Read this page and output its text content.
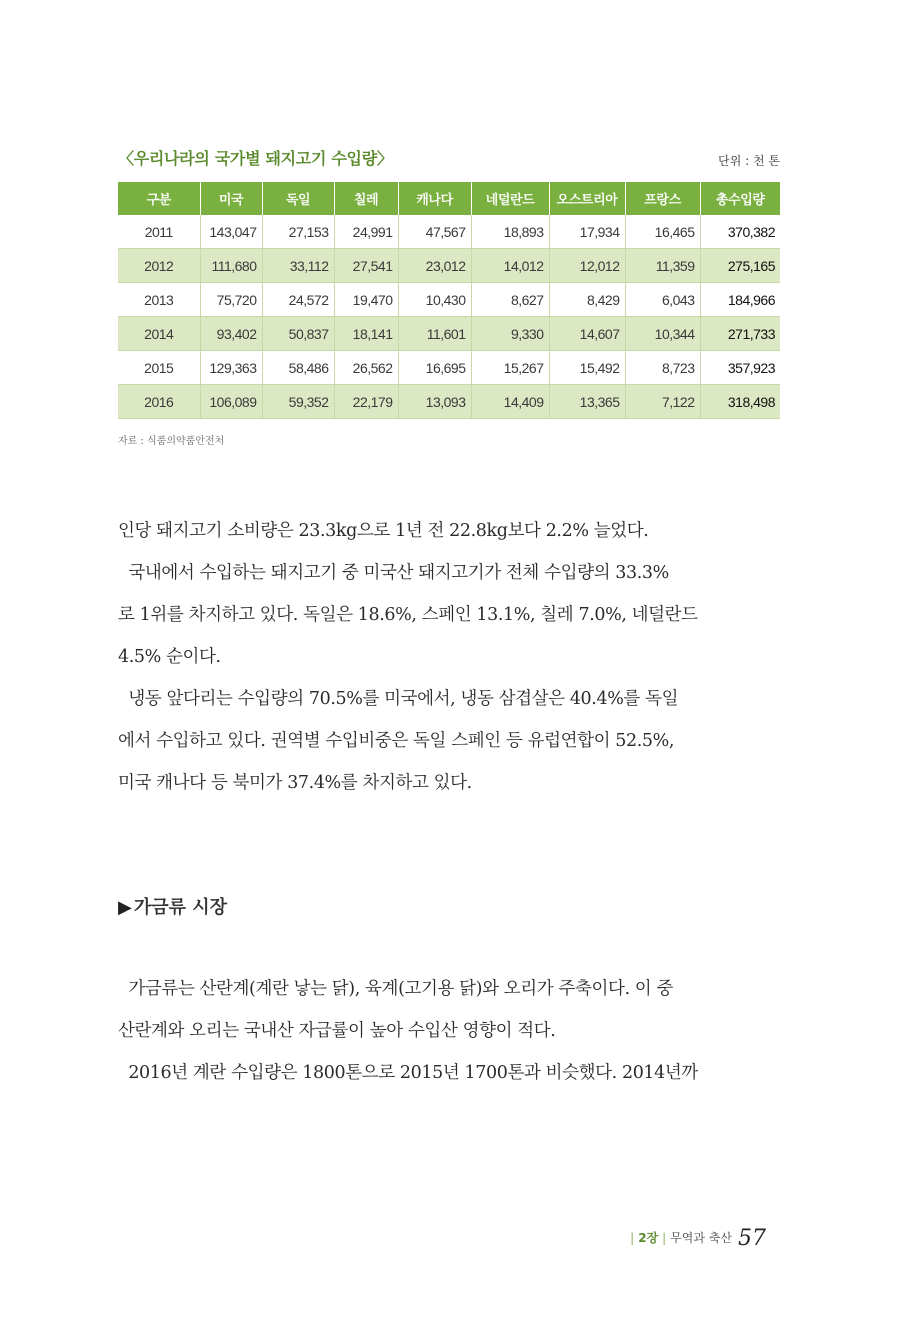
〈우리나라의 국가별 돼지고기 수입량〉	단위 : 천 톤
구분	미국	독일	칠레	캐나다	네덜란드	오스트리아	프랑스	총수입량
2011	143,047	27,153	24,991	47,567	18,893	17,934	16,465	370,382
2012	111,680	33,112	27,541	23,012	14,012	12,012	11,359	275,165
2013	75,720	24,572	19,470	10,430	8,627	8,429	6,043	184,966
2014	93,402	50,837	18,141	11,601	9,330	14,607	10,344	271,733
2015	129,363	58,486	26,562	16,695	15,267	15,492	8,723	357,923
2016	106,089	59,352	22,179	13,093	14,409	13,365	7,122	318,498
자료 : 식품의약품안전처
인당 돼지고기 소비량은 23.3kg으로 1년 전 22.8kg보다 2.2% 늘었다.
국내에서 수입하는 돼지고기 중 미국산 돼지고기가 전체 수입량의 33.3%
로 1위를 차지하고 있다. 독일은 18.6%, 스페인 13.1%, 칠레 7.0%, 네덜란드
4.5% 순이다.
냉동 앞다리는 수입량의 70.5%를 미국에서, 냉동 삼겹살은 40.4%를 독일
에서 수입하고 있다. 권역별 수입비중은 독일 스페인 등 유럽연합이 52.5%,
미국 캐나다 등 북미가 37.4%를 차지하고 있다.
▶ 가금류 시장
가금류는 산란계(계란 낳는 닭), 육계(고기용 닭)와 오리가 주축이다. 이 중
산란계와 오리는 국내산 자급률이 높아 수입산 영향이 적다.
2016년 계란 수입량은 1800톤으로 2015년 1700톤과 비슷했다. 2014년까
| 2장 | 무역과 축산 57
